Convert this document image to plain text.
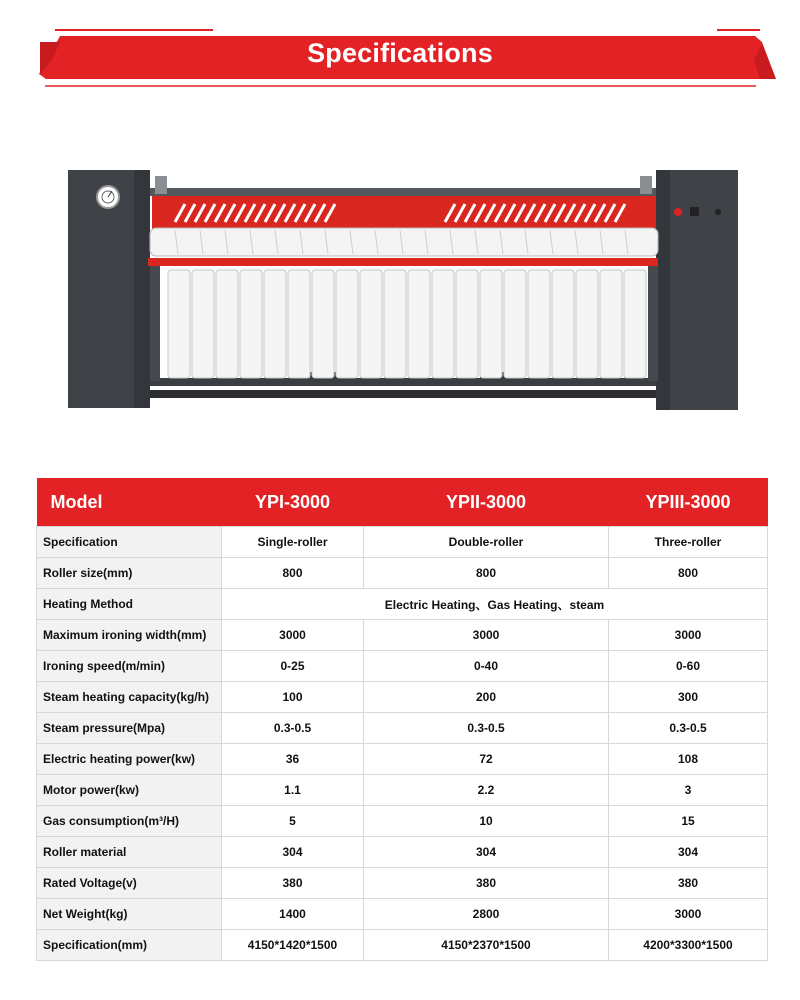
Specifications
Model	YPI-3000	YPII-3000	YPIII-3000
Specification	Single-roller	Double-roller	Three-roller
Roller size(mm)	800	800	800
Heating Method	Electric Heating、Gas Heating、steam		
Maximum ironing width(mm)	3000	3000	3000
Ironing speed(m/min)	0-25	0-40	0-60
Steam heating capacity(kg/h)	100	200	300
Steam pressure(Mpa)	0.3-0.5	0.3-0.5	0.3-0.5
Electric heating power(kw)	36	72	108
Motor power(kw)	1.1	2.2	3
Gas consumption(m³/H)	5	10	15
Roller material	304	304	304
Rated Voltage(v)	380	380	380
Net Weight(kg)	1400	2800	3000
Specification(mm)	4150*1420*1500	4150*2370*1500	4200*3300*1500
